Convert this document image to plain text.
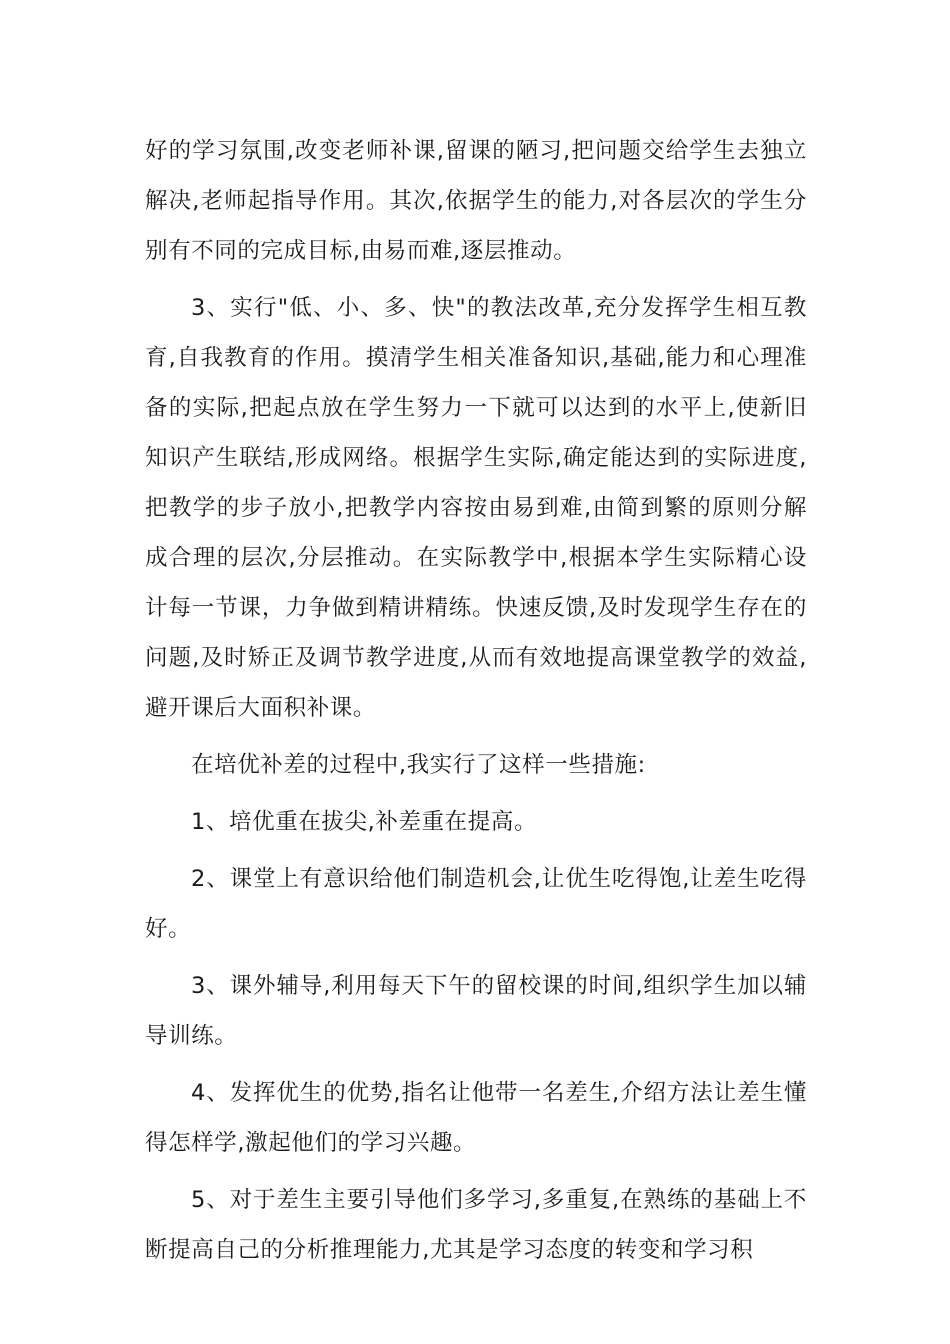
好的学习氛围,改变老师补课,留课的陋习,把问题交给学生去独立解决,老师起指导作用。其次,依据学生的能力,对各层次的学生分别有不同的完成目标,由易而难,逐层推动。

3、实行"低、小、多、快"的教法改革,充分发挥学生相互教育,自我教育的作用。摸清学生相关准备知识,基础,能力和心理准备的实际,把起点放在学生努力一下就可以达到的水平上,使新旧知识产生联结,形成网络。根据学生实际,确定能达到的实际进度,把教学的步子放小,把教学内容按由易到难,由简到繁的原则分解成合理的层次,分层推动。在实际教学中,根据本学生实际精心设计每一节课，力争做到精讲精练。快速反馈,及时发现学生存在的问题,及时矫正及调节教学进度,从而有效地提高课堂教学的效益,避开课后大面积补课。

在培优补差的过程中,我实行了这样一些措施:

1、培优重在拔尖,补差重在提高。

2、课堂上有意识给他们制造机会,让优生吃得饱,让差生吃得好。

3、课外辅导,利用每天下午的留校课的时间,组织学生加以辅导训练。

4、发挥优生的优势,指名让他带一名差生,介绍方法让差生懂得怎样学,激起他们的学习兴趣。

5、对于差生主要引导他们多学习,多重复,在熟练的基础上不断提高自己的分析推理能力,尤其是学习态度的转变和学习积
